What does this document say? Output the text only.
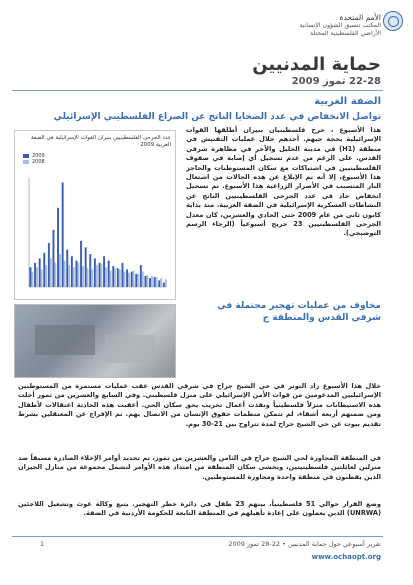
الأمم المتحدة
المكتب تنسيق الشؤون الإنسانية
الأراضي الفلسطينية المحتلة
حماية المدنيين
22-28 تموز 2009
الضفة الغربية
تواصل الانخفاض في عدد الضحايا الناتج عن الصراع الفلسطيني الإسرائيلي
هذا الأسبوع ، جرح فلسطينيان بنيران أطلقها القوات الإسرائيلية بحجة حيهم. أحدهم خلال عمليات التفتيش في منطقة (H1) في مدينة الخليل والآخر في مظاهرة شرقي القدس. على الرغم من عدم تسجيل أي إصابة في صفوف الفلسطينيين في اشتباكات مع سكان المستوطنات والحاجز هذا الأسبوع، إلا أنه تم الإبلاغ عن هذه الحالات من اشتعال النار المتسبب في الأضرار الزراعية هذا الأسبوع. تم تسجيل انخفاض حاد في عدد الجرحى الفلسطينيين الناتج عن النشاطات العسكرية الإسرائيلية في الضفة الغربية. منذ بداية كانون ثاني من عام 2009 حتى الحادي والعشرين، كان معدل الجرحى الفلسطينيين 23 جريح أسبوعياً (الرجاء الرسم التوضيحي).
عدد الجرحى الفلسطينيين بنيران القوات الإسرائيلية في الضفة الغربية 2009
2009
2008
مخاوف من عمليات تهجير محتملة في شرقي القدس والمنطقة ج
خلال هذا الأسبوع زاد التوتر في حي الشيخ جراح في شرقي القدس عقب عمليات مستمرة من المستوطنين الإسرائيليين المدعومين من قوات الأمن الإسرائيلي على منزل فلسطيني. وفي السابع والعشرين من تموز أخلت هذه الاستيطانات منزلاً فلسطينياً ونفذت أعمال تخريب بحق سكان الحي. أعقبت هذه الحادثة اعتقالات لأطفال ومن ضمنهم أربعة أشقاء، لم تتمكن منظمات حقوق الإنسان من الاتصال بهم. تم الإفراج عن المعتقلين بشرط تقديم بيوت عن حي الشيخ جراح لمدة تتراوح بين 21-30 يوم.
في المنطقة المجاورة لحي الشيخ جراح في الثامن والعشرين من تموز، تم تحديد أوامر الإخلاء الصادرة مسبقاً ضد منزلين لعائلتين فلسطينيتين، ويخشى سكان المنطقة من امتداد هذه الأوامر لتشمل مجموعة من منازل الجيران الذين يقطنون في منطقة واحدة ومجاورة للمستوطنين.
وضع القرار حوالي 51 فلسطينياً، بينهم 23 طفل في دائرة خطر التهجير. يتبع وكالة غوث وتشغيل اللاجئين (UNRWA) الذين يعملون على إعادة تأهيلهم في المنطقة التابعة للحكومة الأردنية في الضفة.
1	تقرير أسبوعي حول حماية المدنيين • 22-28 تموز 2009
www.ochaopt.org
